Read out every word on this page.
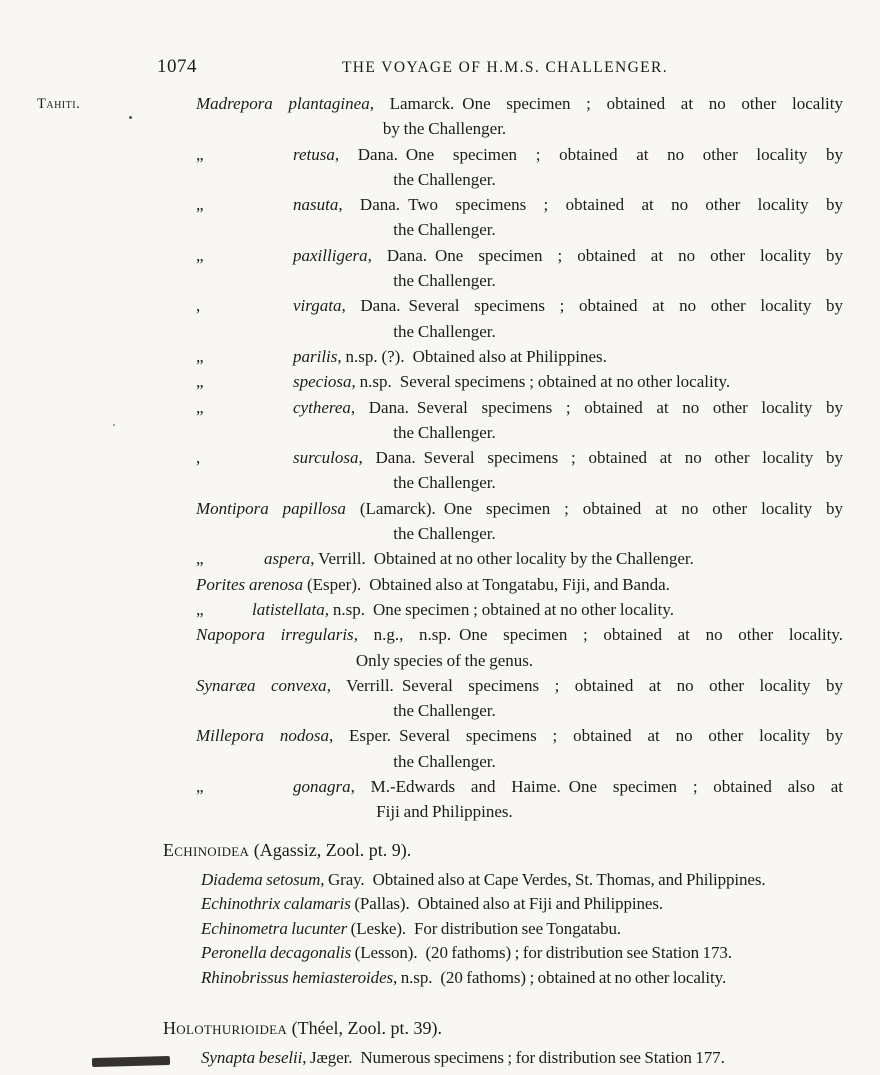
1074	THE VOYAGE OF H.M.S. CHALLENGER.
Tahiti.	Madrepora plantaginea, Lamarck. One specimen ; obtained at no other locality
by the Challenger.
„	retusa, Dana. One specimen ; obtained at no other locality by
the Challenger.
„	nasuta, Dana. Two specimens ; obtained at no other locality by
the Challenger.
„	paxilligera, Dana. One specimen ; obtained at no other locality by
the Challenger.
,	virgata, Dana. Several specimens ; obtained at no other locality by
the Challenger.
„	parilis, n.sp. (?). Obtained also at Philippines.
„	speciosa, n.sp. Several specimens ; obtained at no other locality.
„	cytherea, Dana. Several specimens ; obtained at no other locality by
the Challenger.
,	surculosa, Dana. Several specimens ; obtained at no other locality by
the Challenger.
Montipora papillosa (Lamarck). One specimen ; obtained at no other locality by
the Challenger.
„	aspera, Verrill. Obtained at no other locality by the Challenger.
Porites arenosa (Esper). Obtained also at Tongatabu, Fiji, and Banda.
„	latistellata, n.sp. One specimen ; obtained at no other locality.
Napopora irregularis, n.g., n.sp. One specimen ; obtained at no other locality.
Only species of the genus.
Synaræa convexa, Verrill. Several specimens ; obtained at no other locality by
the Challenger.
Millepora nodosa, Esper. Several specimens ; obtained at no other locality by
the Challenger.
„	gonagra, M.-Edwards and Haime. One specimen ; obtained also at
Fiji and Philippines.
Echinoidea (Agassiz, Zool. pt. 9).
Diadema setosum, Gray. Obtained also at Cape Verdes, St. Thomas, and Philippines.
Echinothrix calamaris (Pallas). Obtained also at Fiji and Philippines.
Echinometra lucunter (Leske). For distribution see Tongatabu.
Peronella decagonalis (Lesson). (20 fathoms) ; for distribution see Station 173.
Rhinobrissus hemiasteroides, n.sp. (20 fathoms) ; obtained at no other locality.
Holothurioidea (Théel, Zool. pt. 39).
Synapta beselii, Jæger. Numerous specimens ; for distribution see Station 177.
